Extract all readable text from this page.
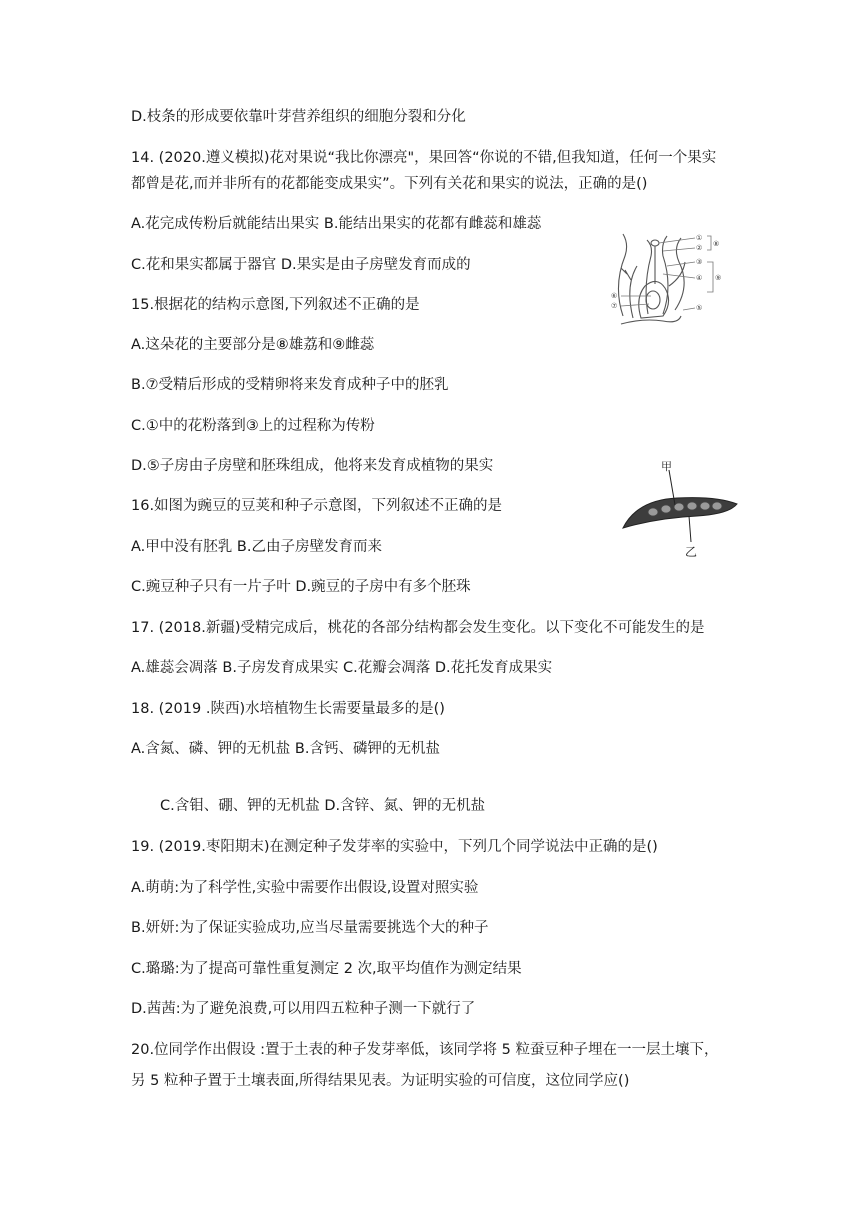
D.枝条的形成要依靠叶芽营养组织的细胞分裂和分化
14. (2020.遵义模拟)花对果说“我比你漂亮"，果回答“你说的不错,但我知道，任何一个果实
都曾是花,而并非所有的花都能变成果实”。下列有关花和果实的说法，正确的是()
A.花完成传粉后就能结出果实 B.能结出果实的花都有雌蕊和雄蕊
C.花和果实都属于器官 D.果实是由子房壁发育而成的
15.根据花的结构示意图,下列叙述不正确的是
A.这朵花的主要部分是⑧雄荔和⑨雌蕊
B.⑦受精后形成的受精卵将来发育成种子中的胚乳
C.①中的花粉落到③上的过程称为传粉
D.⑤子房由子房壁和胚珠组成，他将来发育成植物的果实
16.如图为豌豆的豆荚和种子示意图，下列叙述不正确的是
A.甲中没有胚乳 B.乙由子房壁发育而来
C.豌豆种子只有一片子叶 D.豌豆的子房中有多个胚珠
17. (2018.新疆)受精完成后，桃花的各部分结构都会发生变化。以下变化不可能发生的是
A.雄蕊会凋落 B.子房发育成果实 C.花瓣会凋落 D.花托发育成果实
18. (2019 .陕西)水培植物生长需要量最多的是()
A.含氮、磷、钾的无机盐 B.含钙、磷钾的无机盐
C.含钼、硼、钾的无机盐 D.含锌、氮、钾的无机盐
19. (2019.枣阳期末)在测定种子发芽率的实验中，下列几个同学说法中正确的是()
A.萌萌:为了科学性,实验中需要作出假设,设置对照实验
B.妍妍:为了保证实验成功,应当尽量需要挑选个大的种子
C.璐璐:为了提高可靠性重复测定 2 次,取平均值作为测定结果
D.茜茜:为了避免浪费,可以用四五粒种子测一下就行了
20.位同学作出假设 :置于土表的种子发芽率低，该同学将 5 粒蚕豆种子埋在一一层土壤下，
另 5 粒种子置于土壤表面,所得结果见表。为证明实验的可信度，这位同学应()
①
②
③
④
⑤
⑥
⑦
⑧
⑨
甲
乙
